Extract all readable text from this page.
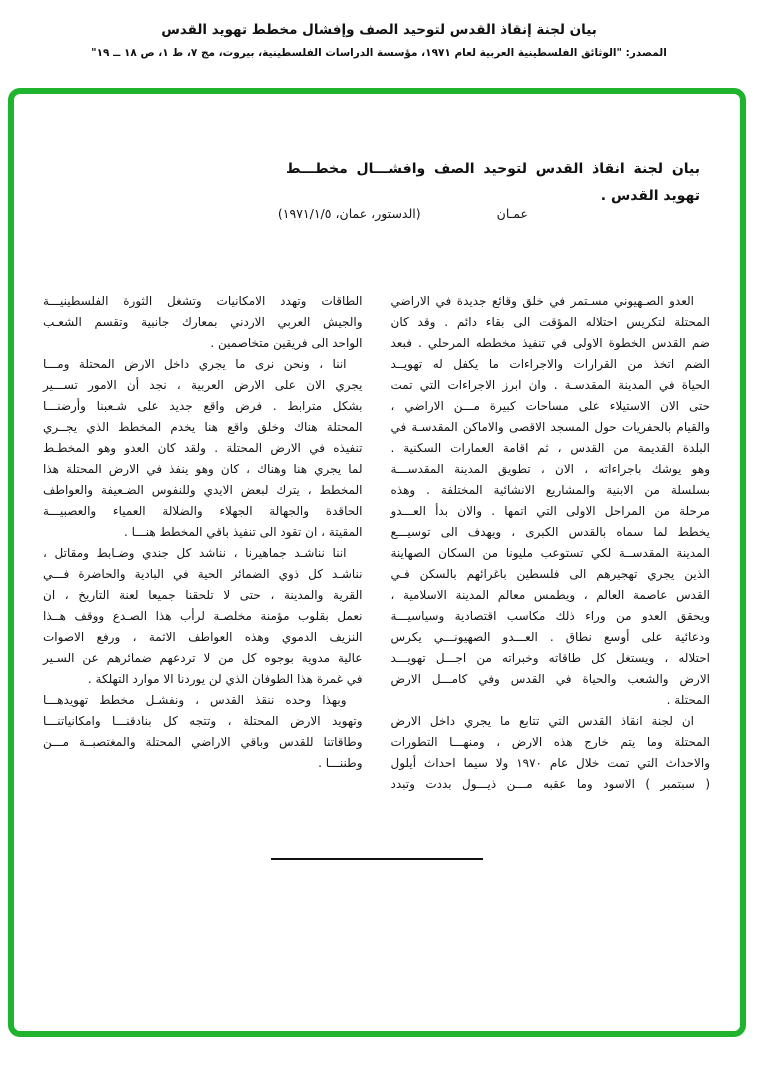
بيان لجنة إنقاذ القدس لتوحيد الصف وإفشال مخطط تهويد القدس
المصدر: "الوثائق الفلسطينية العربية لعام ١٩٧١، مؤسسة الدراسات الفلسطينية، بيروت، مج ٧، ط ١، ص ١٨ ــ ١٩"
بيان لجنة انقاذ القدس لتوحيد الصف وافشـــال مخطـــط
تهويد القدس .
عمـان
(الدستور، عمان، ١٩٧١/١/٥)
العدو الصـهيوني مسـتمر في خلق وقائع جديدة في الاراضي
المحتلة لتكريس احتلاله المؤقت الى بقاء دائم . وقد كان
ضم القدس الخطوة الاولى في تنفيذ مخططه المرحلي . فبعد
الضم اتخذ من القرارات والاجراءات ما يكفل له تهويــد
الحياة في المدينة المقدسـة . وان ابرز الاجراءات التي تمت
حتى الان الاستيلاء على مساحات كبيرة مـــن الاراضي ،
والقيام بالحفريات حول المسجد الاقصى والاماكن المقدسـة في
البلدة القديمة من القدس ، ثم اقامة العمارات السكنية .
وهو يوشك باجراءاته ، الان ، تطويق المدينة المقدســـة
بسلسلة من الابنية والمشاريع الانشائية المختلفة . وهذه
مرحلة من المراحل الاولى التي اتمها . والان بدأ العـــدو
يخطط لما سماه بالقدس الكبرى ، ويهدف الى توسيـــع
المدينة المقدســة لكي تستوعب مليونا من السكان الصهاينة
الذين يجري تهجيرهم الى فلسطين باغرائهم بالسكن فـي
القدس عاصمة العالم ، ويطمس معالم المدينة الاسلامية ،
ويحقق العدو من وراء ذلك مكاسب اقتصادية وسياسيـــة
ودعائية على أوسع نطاق . العـــدو الصهيونـــي يكرس
احتلاله ، ويستغل كل طاقاته وخبراته من اجـــل تهويـــد
الارض والشعب والحياة في القدس وفي كامـــل الارض
المحتلة .
ان لجنة انقاذ القدس التي تتابع ما يجري داخل الارض
المحتلة وما يتم خارج هذه الارض ، ومنهـــا التطورات
والاحداث التي تمت خلال عام ١٩٧٠ ولا سيما احداث أيلول
( سبتمبر ) الاسود وما عقبه مـــن ذيـــول بددت وتبدد
الطاقات وتهدد الامكانيات وتشغل الثورة الفلسطينيـــة
والجيش العربي الاردني بمعارك جانبية وتقسم الشعـب
الواحد الى فريقين متخاصمين .
اننا ، ونحن نرى ما يجري داخل الارض المحتلة ومـــا
يجري الان على الارض العربية ، نجد أن الامور تســـير
بشكل مترابط . فرض واقع جديد على شـعبنا وأرضنـــا
المحتلة هناك وخلق واقع هنا يخدم المخطط الذي يجــري
تنفيذه في الارض المحتلة . ولقد كان العدو وهو المخطـط
لما يجري هنا وهناك ، كان وهو ينفذ في الارض المحتلة هذا
المخطط ، يترك لبعض الايدي وللنفوس الضـعيفة والعواطف
الحاقدة والجهالة الجهلاء والضلالة العمياء والعصبيـــة
المقيتة ، ان تقود الى تنفيذ باقي المخطط هنـــا .
اننا نناشـد جماهيرنا ، نناشد كل جندي وضـابط ومقاتل ،
نناشـد كل ذوي الضمائر الحية في البادية والحاضرة فـــي
القرية والمدينة ، حتى لا تلحقنا جميعا لعنة التاريخ ، ان
نعمل بقلوب مؤمنة مخلصـة لرأب هذا الصـدع ووقف هــذا
النزيف الدموي وهذه العواطف الاثمة ، ورفع الاصوات
عالية مدوية بوجوه كل من لا تردعهم ضمائرهم عن السـير
في غمرة هذا الطوفان الذي لن يوردنا الا موارد التهلكة .
وبهذا وحده ننقذ القدس ، ونفشـل مخطط تهويدهـــا
وتهويد الارض المحتلة ، وتتجه كل بنادقنـــا وامكانياتنـــا
وطاقاتنا للقدس وباقي الاراضي المحتلة والمغتصبــة مـــن
وطننـــا .
